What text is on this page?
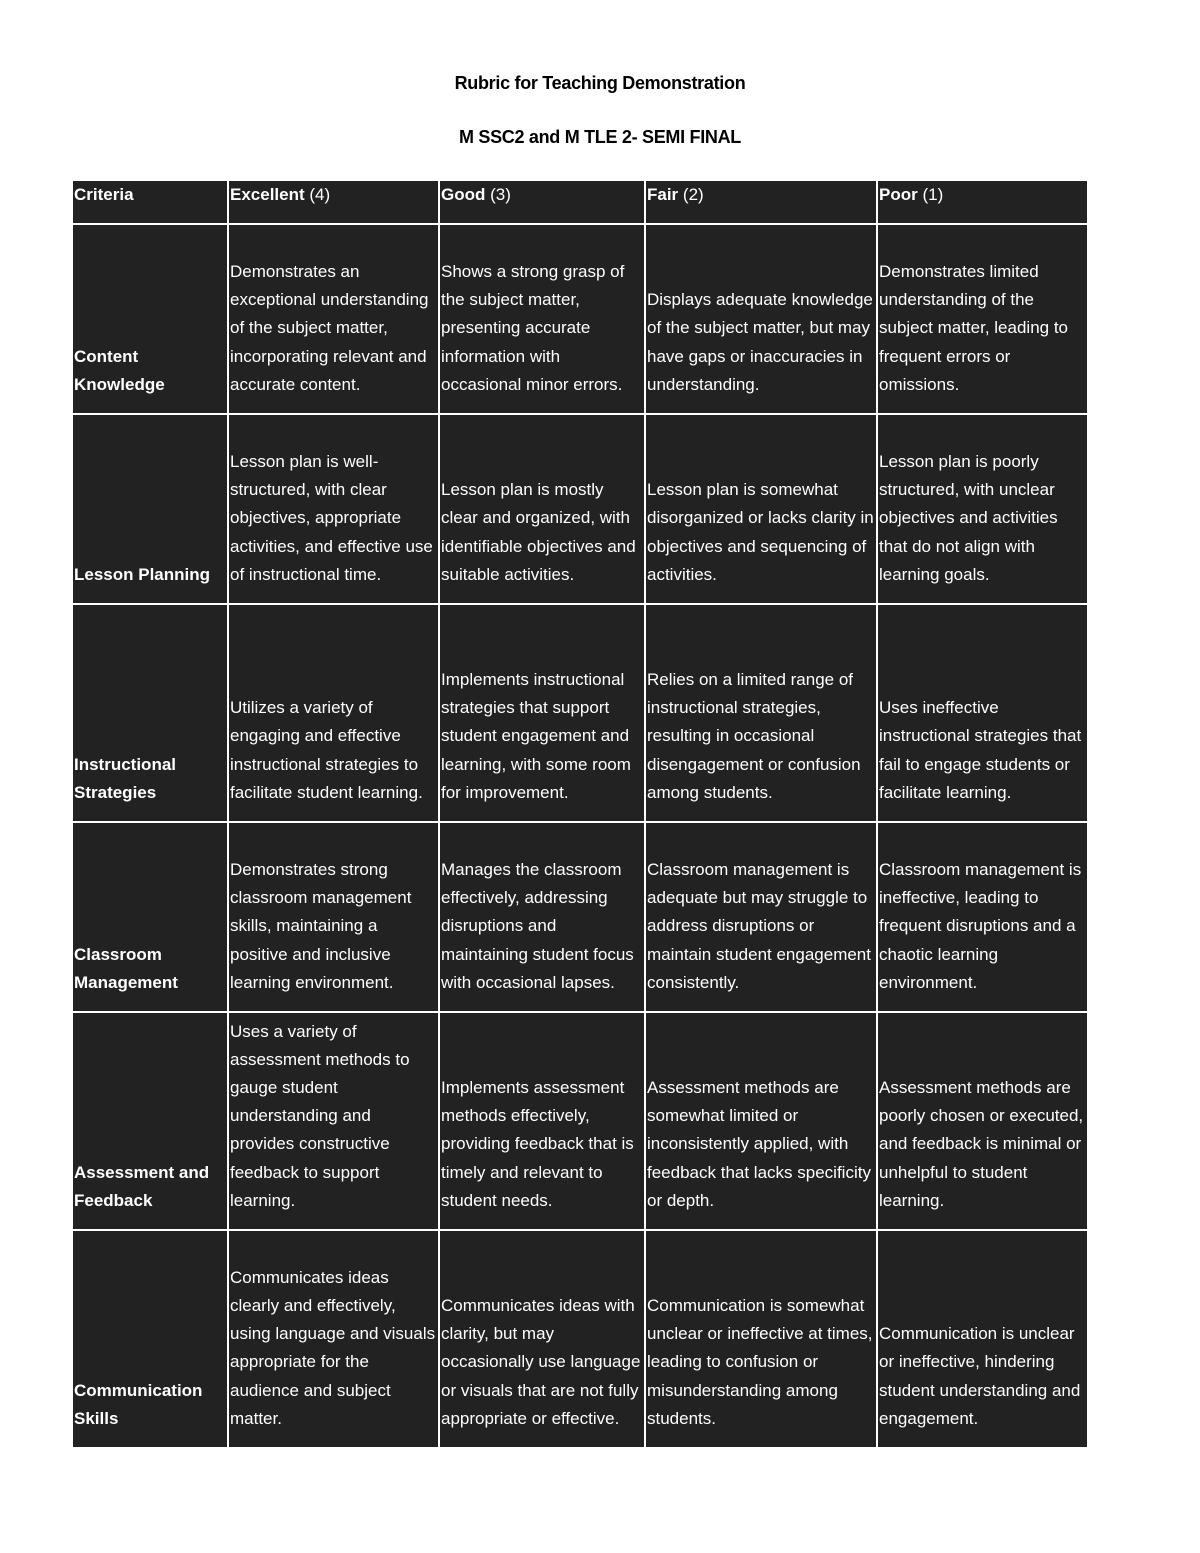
Rubric for Teaching Demonstration
M SSC2 and M TLE 2- SEMI FINAL
Criteria	Excellent (4)	Good (3)	Fair (2)	Poor (1)
Content Knowledge	Demonstrates an exceptional understanding of the subject matter, incorporating relevant and accurate content.	Shows a strong grasp of the subject matter, presenting accurate information with occasional minor errors.	Displays adequate knowledge of the subject matter, but may have gaps or inaccuracies in understanding.	Demonstrates limited understanding of the subject matter, leading to frequent errors or omissions.
Lesson Planning	Lesson plan is well-structured, with clear objectives, appropriate activities, and effective use of instructional time.	Lesson plan is mostly clear and organized, with identifiable objectives and suitable activities.	Lesson plan is somewhat disorganized or lacks clarity in objectives and sequencing of activities.	Lesson plan is poorly structured, with unclear objectives and activities that do not align with learning goals.
Instructional Strategies	Utilizes a variety of engaging and effective instructional strategies to facilitate student learning.	Implements instructional strategies that support student engagement and learning, with some room for improvement.	Relies on a limited range of instructional strategies, resulting in occasional disengagement or confusion among students.	Uses ineffective instructional strategies that fail to engage students or facilitate learning.
Classroom Management	Demonstrates strong classroom management skills, maintaining a positive and inclusive learning environment.	Manages the classroom effectively, addressing disruptions and maintaining student focus with occasional lapses.	Classroom management is adequate but may struggle to address disruptions or maintain student engagement consistently.	Classroom management is ineffective, leading to frequent disruptions and a chaotic learning environment.
Assessment and Feedback	Uses a variety of assessment methods to gauge student understanding and provides constructive feedback to support learning.	Implements assessment methods effectively, providing feedback that is timely and relevant to student needs.	Assessment methods are somewhat limited or inconsistently applied, with feedback that lacks specificity or depth.	Assessment methods are poorly chosen or executed, and feedback is minimal or unhelpful to student learning.
Communication Skills	Communicates ideas clearly and effectively, using language and visuals appropriate for the audience and subject matter.	Communicates ideas with clarity, but may occasionally use language or visuals that are not fully appropriate or effective.	Communication is somewhat unclear or ineffective at times, leading to confusion or misunderstanding among students.	Communication is unclear or ineffective, hindering student understanding and engagement.
